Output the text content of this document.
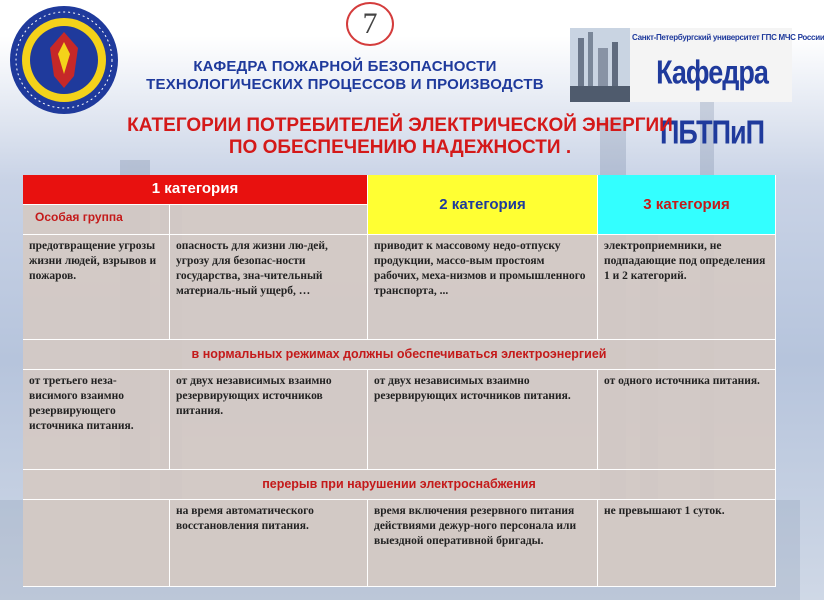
7
КАФЕДРА ПОЖАРНОЙ БЕЗОПАСНОСТИ
ТЕХНОЛОГИЧЕСКИХ ПРОЦЕССОВ И ПРОИЗВОДСТВ
Санкт-Петербургский университет ГПС МЧС России
Кафедра ПБТПиП
КАТЕГОРИИ ПОТРЕБИТЕЛЕЙ ЭЛЕКТРИЧЕСКОЙ ЭНЕРГИИ
ПО ОБЕСПЕЧЕНИЮ НАДЕЖНОСТИ .
1 категория
2 категория	3 категория
Особая группа
предотвращение угрозы жизни людей, взрывов и пожаров.
опасность для жизни лю-дей, угрозу для безопас-ности государства, зна-чительный материаль-ный ущерб, …
приводит к массовому недо-отпуску продукции, массо-вым простоям рабочих, меха-низмов и промышленного транспорта, ...
электроприемники, не подпадающие под определения 1 и 2 категорий.
в нормальных режимах должны обеспечиваться электроэнергией
от третьего неза-висимого взаимно резервирующего источника питания.
от двух независимых взаимно резервирующих источников питания.
от двух независимых взаимно резервирующих источников питания.
от одного источника питания.
перерыв при нарушении электроснабжения
на время автоматического восстановления питания.
время включения резервного питания действиями дежур-ного персонала или выездной оперативной бригады.
не превышают 1 суток.
